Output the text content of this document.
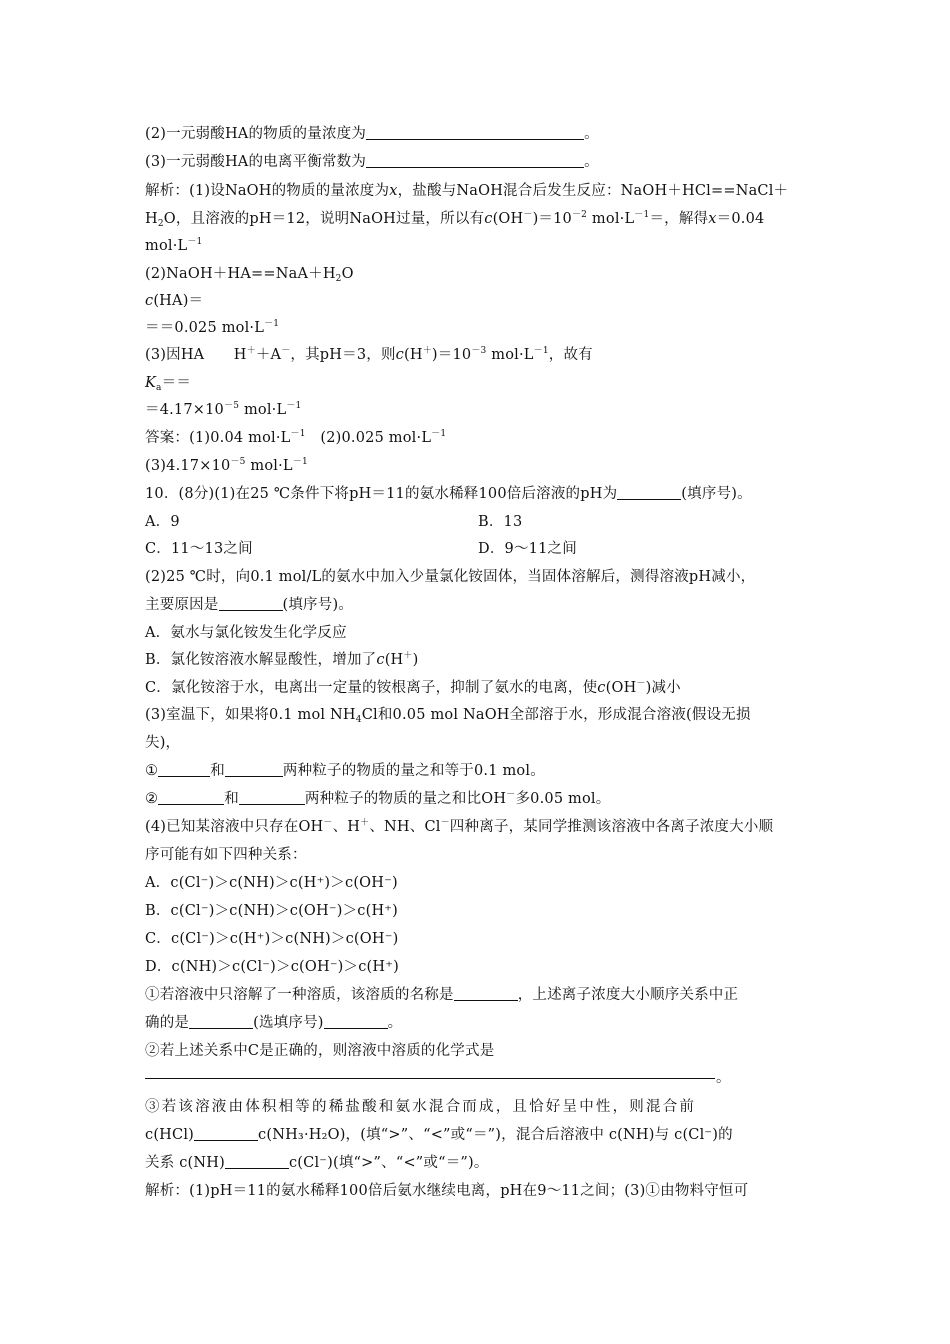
(2)一元弱酸HA的物质的量浓度为	。
(3)一元弱酸HA的电离平衡常数为	。
解析：(1)设NaOH的物质的量浓度为x，盐酸与NaOH混合后发生反应：NaOH＋HCl==NaCl＋
$H_2O$，且溶液的pH＝12，说明NaOH过量，所以有$c(OH^-)=10^{-2}$ $mol\cdot L^{-1}=$，解得x＝0.04
$mol\cdot L^{-1}$
$(2)NaOH+HA==NaA+H_2O$
c(HA)＝
＝＝0.025 $mol\cdot L^{-1}$
(3)因HA　　H＋＋A－，其pH＝3，则$c(H^+)=10^{-3}$ $mol\cdot L^{-1}$，故有
$K_a==$
$=4.17\times 10^{-5}$ $mol\cdot L^{-1}$
答案：(1)0.04 $mol\cdot L^{-1}$　(2)0.025 $mol\cdot L^{-1}$
$(3)4.17\times 10^{-5}$ $mol\cdot L^{-1}$
10．(8分)(1)在25 ℃条件下将pH＝11的氨水稀释100倍后溶液的pH为	(填序号)。
A．9	B．13
C．11～13之间	D．9～11之间
(2)25 ℃时，向0.1 mol/L的氨水中加入少量氯化铵固体，当固体溶解后，测得溶液pH减小，
主要原因是	(填序号)。
A．氨水与氯化铵发生化学反应
B．氯化铵溶液水解显酸性，增加了c(H＋)
C．氯化铵溶于水，电离出一定量的铵根离子，抑制了氨水的电离，使c(OH－)减小
(3)室温下，如果将0.1 mol $NH_4Cl$和0.05 mol NaOH全部溶于水，形成混合溶液(假设无损
失)，
①	和	两种粒子的物质的量之和等于0.1 mol。
②	和	两种粒子的物质的量之和比OH－多0.05 mol。
(4)已知某溶液中只存在OH－、H＋、NH、Cl－四种离子，某同学推测该溶液中各离子浓度大小顺
序可能有如下四种关系：
A．c(Cl⁻)＞c(NH)＞c(H⁺)＞c(OH⁻)
B．c(Cl⁻)＞c(NH)＞c(OH⁻)＞c(H⁺)
C．c(Cl⁻)＞c(H⁺)＞c(NH)＞c(OH⁻)
D．c(NH)＞c(Cl⁻)＞c(OH⁻)＞c(H⁺)
①若溶液中只溶解了一种溶质，该溶质的名称是	，上述离子浓度大小顺序关系中正
确的是	(选填序号)	。
②若上述关系中C是正确的，则溶液中溶质的化学式是
。
③若该溶液由体积相等的稀盐酸和氨水混合而成，且恰好呈中性，则混合前
c(HCl)	c(NH₃·H₂O)，(填“>”、“<”或“＝”)，混合后溶液中 c(NH)与 c(Cl⁻)的
关系 c(NH)	c(Cl⁻)(填“>”、“<”或“＝”)。
解析：(1)pH＝11的氨水稀释100倍后氨水继续电离，pH在9～11之间；(3)①由物料守恒可
